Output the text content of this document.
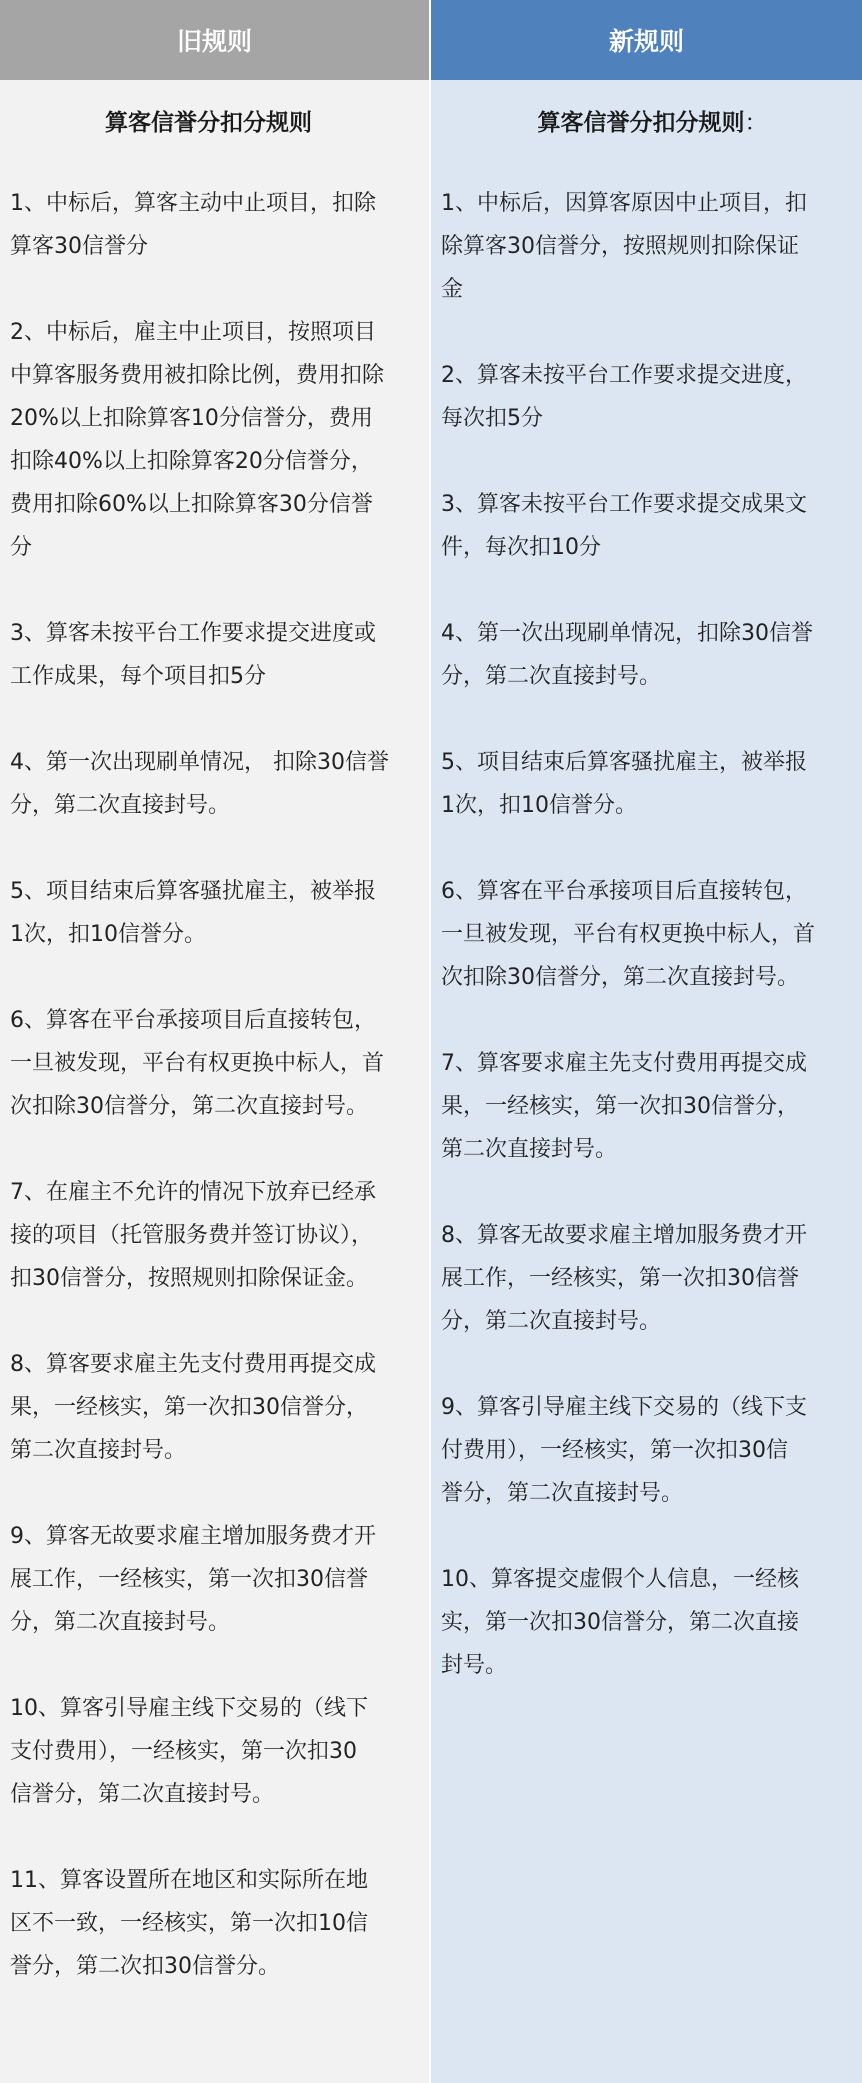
旧规则
算客信誉分扣分规则
1、中标后，算客主动中止项目，扣除
算客30信誉分
2、中标后，雇主中止项目，按照项目
中算客服务费用被扣除比例，费用扣除
20%以上扣除算客10分信誉分，费用
扣除40%以上扣除算客20分信誉分，
费用扣除60%以上扣除算客30分信誉
分
3、算客未按平台工作要求提交进度或
工作成果，每个项目扣5分
4、第一次出现刷单情况， 扣除30信誉
分，第二次直接封号。
5、项目结束后算客骚扰雇主，被举报
1次，扣10信誉分。
6、算客在平台承接项目后直接转包，
一旦被发现，平台有权更换中标人，首
次扣除30信誉分，第二次直接封号。
7、在雇主不允许的情况下放弃已经承
接的项目（托管服务费并签订协议），
扣30信誉分，按照规则扣除保证金。
8、算客要求雇主先支付费用再提交成
果，一经核实，第一次扣30信誉分，
第二次直接封号。
9、算客无故要求雇主增加服务费才开
展工作，一经核实，第一次扣30信誉
分，第二次直接封号。
10、算客引导雇主线下交易的（线下
支付费用），一经核实，第一次扣30
信誉分，第二次直接封号。
11、算客设置所在地区和实际所在地
区不一致，一经核实，第一次扣10信
誉分，第二次扣30信誉分。
新规则
算客信誉分扣分规则：
1、中标后，因算客原因中止项目，扣
除算客30信誉分，按照规则扣除保证
金
2、算客未按平台工作要求提交进度，
每次扣5分
3、算客未按平台工作要求提交成果文
件，每次扣10分
4、第一次出现刷单情况，扣除30信誉
分，第二次直接封号。
5、项目结束后算客骚扰雇主，被举报
1次，扣10信誉分。
6、算客在平台承接项目后直接转包，
一旦被发现，平台有权更换中标人，首
次扣除30信誉分，第二次直接封号。
7、算客要求雇主先支付费用再提交成
果，一经核实，第一次扣30信誉分，
第二次直接封号。
8、算客无故要求雇主增加服务费才开
展工作，一经核实，第一次扣30信誉
分，第二次直接封号。
9、算客引导雇主线下交易的（线下支
付费用），一经核实，第一次扣30信
誉分，第二次直接封号。
10、算客提交虚假个人信息，一经核
实，第一次扣30信誉分，第二次直接
封号。
